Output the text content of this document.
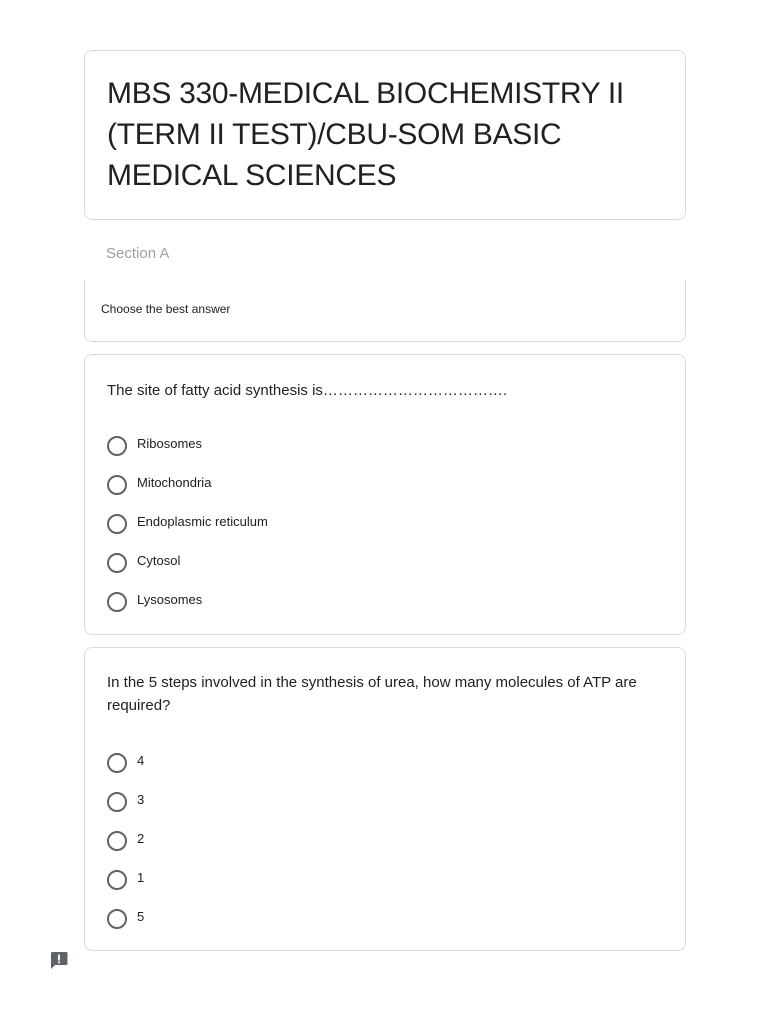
MBS 330-MEDICAL BIOCHEMISTRY II (TERM II TEST)/CBU-SOM BASIC MEDICAL SCIENCES
Section A
Choose the best answer
The site of fatty acid synthesis is……………………………….
Ribosomes
Mitochondria
Endoplasmic reticulum
Cytosol
Lysosomes
In the 5 steps involved in the synthesis of urea, how many molecules of ATP are required?
4
3
2
1
5
